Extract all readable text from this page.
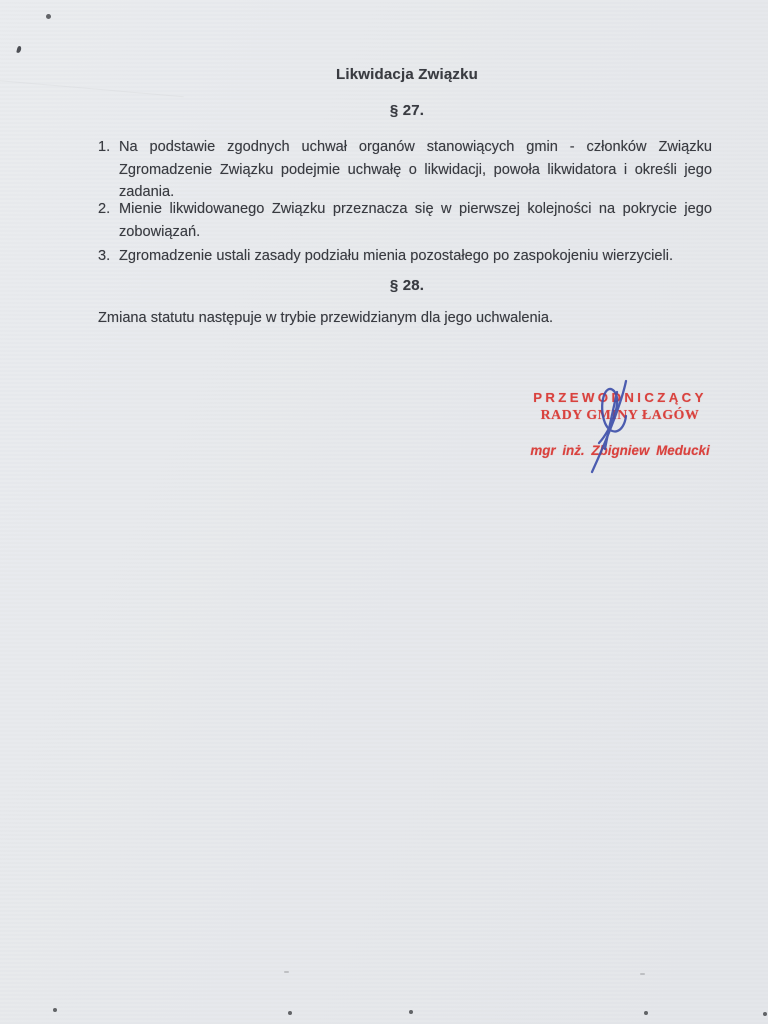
Likwidacja Związku
§ 27.
1. Na podstawie zgodnych uchwał organów stanowiących gmin - członków Związku
Zgromadzenie Związku podejmie uchwałę o likwidacji, powoła likwidatora i określi jego
zadania.
2. Mienie likwidowanego Związku przeznacza się w pierwszej kolejności na pokrycie jego
zobowiązań.
3. Zgromadzenie ustali zasady podziału mienia pozostałego po zaspokojeniu wierzycieli.
§ 28.
Zmiana statutu następuje w trybie przewidzianym dla jego uchwalenia.
PRZEWODNICZĄCY
RADY GMINY ŁAGÓW
mgr inż. Zbigniew Meducki
